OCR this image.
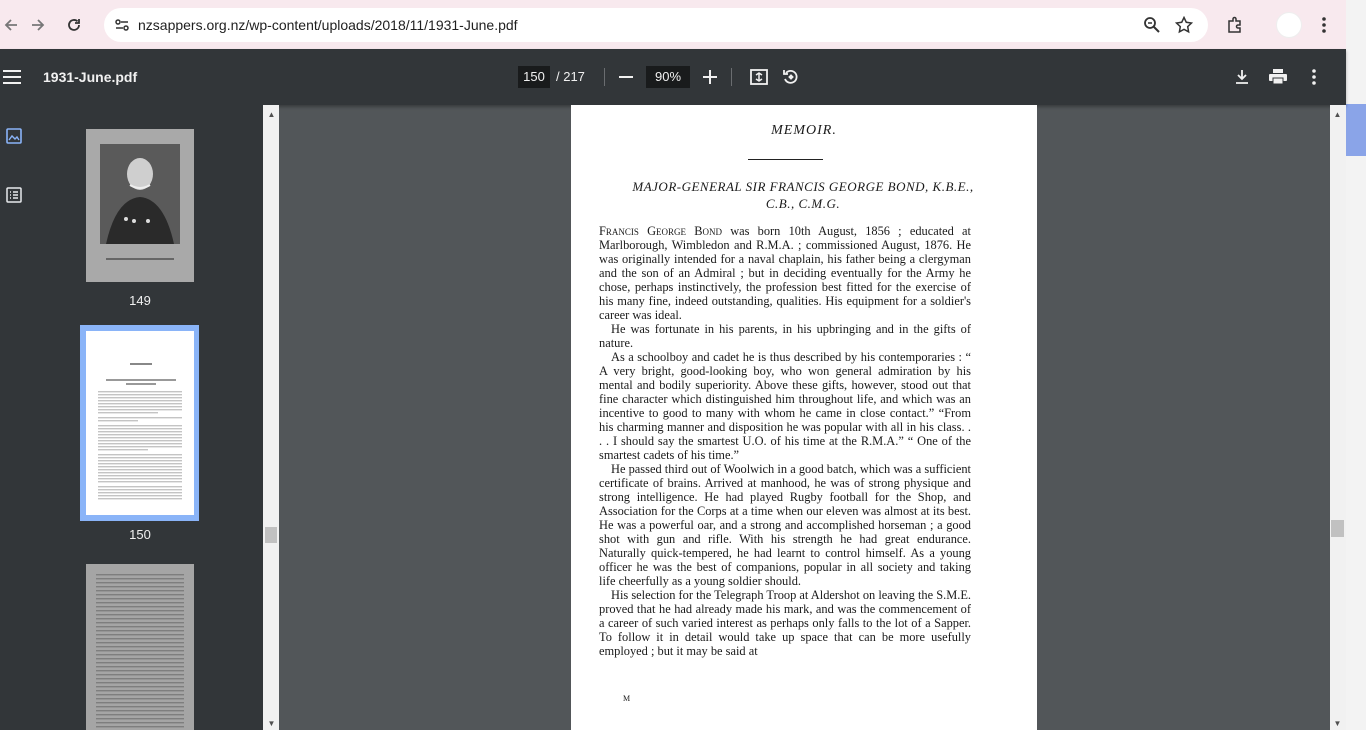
nzsappers.org.nz/wp-content/uploads/2018/11/1931-June.pdf
1931-June.pdf	150 / 217	90%
149
150
▲
▼
▲
▼
MEMOIR.
MAJOR-GENERAL SIR FRANCIS GEORGE BOND, K.B.E.,
C.B., C.M.G.

Francis George Bond was born 10th August, 1856 ; educated at Marlborough, Wimbledon and R.M.A. ; commissioned August, 1876. He was originally intended for a naval chaplain, his father being a clergyman and the son of an Admiral ; but in deciding eventually for the Army he chose, perhaps instinctively, the profession best fitted for the exercise of his many fine, indeed outstanding, qualities. His equipment for a soldier's career was ideal.

He was fortunate in his parents, in his upbringing and in the gifts of nature.

As a schoolboy and cadet he is thus described by his contemporaries : “ A very bright, good-looking boy, who won general admiration by his mental and bodily superiority. Above these gifts, however, stood out that fine character which distinguished him throughout life, and which was an incentive to good to many with whom he came in close contact.” “From his charming manner and disposition he was popular with all in his class. . . . I should say the smartest U.O. of his time at the R.M.A.” “ One of the smartest cadets of his time.”

He passed third out of Woolwich in a good batch, which was a sufficient certificate of brains. Arrived at manhood, he was of strong physique and strong intelligence. He had played Rugby football for the Shop, and Association for the Corps at a time when our eleven was almost at its best. He was a powerful oar, and a strong and accomplished horseman ; a good shot with gun and rifle. With his strength he had great endurance. Naturally quick-tempered, he had learnt to control himself. As a young officer he was the best of companions, popular in all society and taking life cheerfully as a young soldier should.

His selection for the Telegraph Troop at Aldershot on leaving the S.M.E. proved that he had already made his mark, and was the commencement of a career of such varied interest as perhaps only falls to the lot of a Sapper. To follow it in detail would take up space that can be more usefully employed ; but it may be said at

M
